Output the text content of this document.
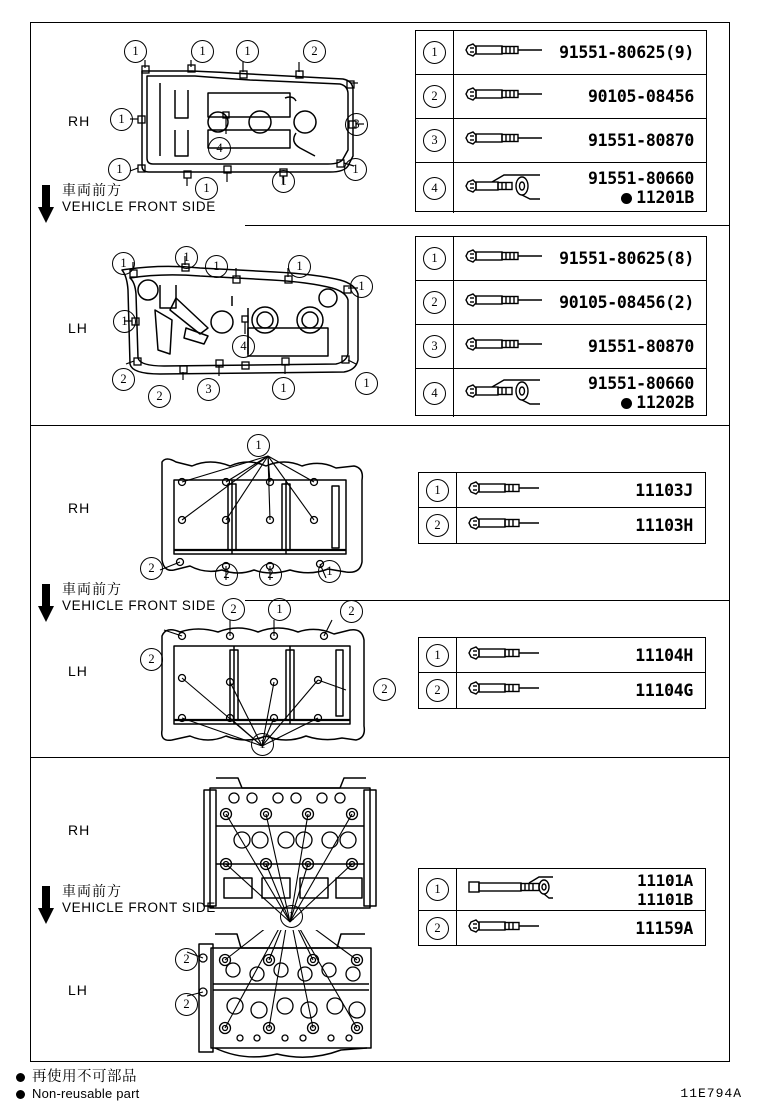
RH
1	1	1	2
1	3
4
1
1	1
1
1	91551-80625(9)
2	90105-08456
3	91551-80870
4	91551-80660
11201B
車両前方
VEHICLE FRONT SIDE
LH
1	1
1	1
1
1
4
2
2	3	1	1
1	91551-80625(8)
2	90105-08456(2)
3	91551-80870
4	91551-80660
11202B
RH
1
2	2	2	1
1	11103J
2	11103H
車両前方
VEHICLE FRONT SIDE
LH
2
2	1	2
2
1
1	11104H
2	11104G
RH
1
車両前方
VEHICLE FRONT SIDE
LH
2
2
1	11101A
11101B
2	11159A
再使用不可部品
Non-reusable part	11E794A
